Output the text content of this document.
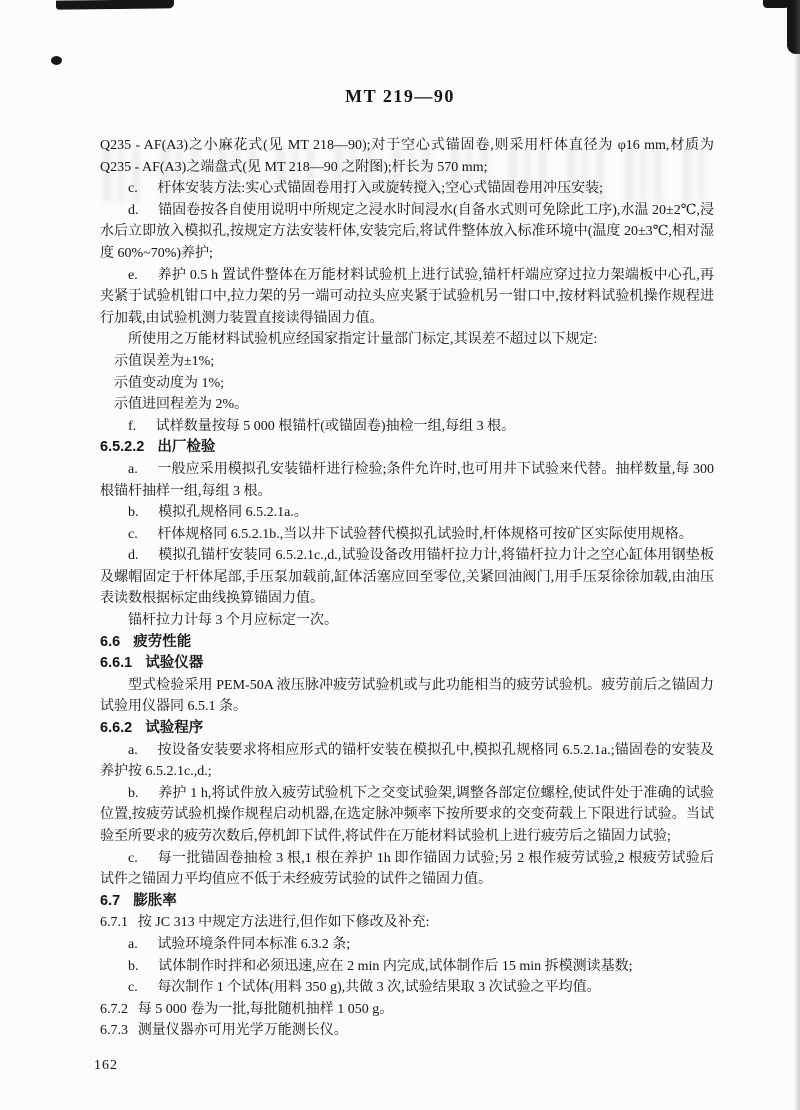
MT 219—90

Q235 - AF(A3)之小麻花式(见 MT 218—90);对于空心式锚固卷,则采用杆体直径为 φ16 mm,材质为 Q235 - AF(A3)之端盘式(见 MT 218—90 之附图);杆长为 570 mm;

c. 杆体安装方法:实心式锚固卷用打入或旋转搅入;空心式锚固卷用冲压安装;

d. 锚固卷按各自使用说明中所规定之浸水时间浸水(自备水式则可免除此工序),水温 20±2℃,浸水后立即放入模拟孔,按规定方法安装杆体,安装完后,将试件整体放入标准环境中(温度 20±3℃,相对湿度 60%~70%)养护;

e. 养护 0.5 h 置试件整体在万能材料试验机上进行试验,锚杆杆端应穿过拉力架端板中心孔,再夹紧于试验机钳口中,拉力架的另一端可动拉头应夹紧于试验机另一钳口中,按材料试验机操作规程进行加载,由试验机测力装置直接读得锚固力值。

所使用之万能材料试验机应经国家指定计量部门标定,其误差不超过以下规定:

示值误差为±1%;

示值变动度为 1%;

示值进回程差为 2%。

f. 试样数量按每 5 000 根锚杆(或锚固卷)抽检一组,每组 3 根。

6.5.2.2 出厂检验

a. 一般应采用模拟孔安装锚杆进行检验;条件允许时,也可用井下试验来代替。抽样数量,每 300 根锚杆抽样一组,每组 3 根。

b. 模拟孔规格同 6.5.2.1a.。

c. 杆体规格同 6.5.2.1b.,当以井下试验替代模拟孔试验时,杆体规格可按矿区实际使用规格。

d. 模拟孔锚杆安装同 6.5.2.1c.,d.,试验设备改用锚杆拉力计,将锚杆拉力计之空心缸体用钢垫板及螺帽固定于杆体尾部,手压泵加载前,缸体活塞应回至零位,关紧回油阀门,用手压泵徐徐加载,由油压表读数根据标定曲线换算锚固力值。

锚杆拉力计每 3 个月应标定一次。

6.6 疲劳性能

6.6.1 试验仪器

型式检验采用 PEM-50A 液压脉冲疲劳试验机或与此功能相当的疲劳试验机。疲劳前后之锚固力试验用仪器同 6.5.1 条。

6.6.2 试验程序

a. 按设备安装要求将相应形式的锚杆安装在模拟孔中,模拟孔规格同 6.5.2.1a.;锚固卷的安装及养护按 6.5.2.1c.,d.;

b. 养护 1 h,将试件放入疲劳试验机下之交变试验架,调整各部定位螺栓,使试件处于准确的试验位置,按疲劳试验机操作规程启动机器,在选定脉冲频率下按所要求的交变荷载上下限进行试验。当试验至所要求的疲劳次数后,停机卸下试件,将试件在万能材料试验机上进行疲劳后之锚固力试验;

c. 每一批锚固卷抽检 3 根,1 根在养护 1h 即作锚固力试验;另 2 根作疲劳试验,2 根疲劳试验后试件之锚固力平均值应不低于未经疲劳试验的试件之锚固力值。

6.7 膨胀率

6.7.1 按 JC 313 中规定方法进行,但作如下修改及补充:

a. 试验环境条件同本标准 6.3.2 条;

b. 试体制作时拌和必须迅速,应在 2 min 内完成,试体制作后 15 min 拆模测读基数;

c. 每次制作 1 个试体(用料 350 g),共做 3 次,试验结果取 3 次试验之平均值。

6.7.2 每 5 000 卷为一批,每批随机抽样 1 050 g。

6.7.3 测量仪器亦可用光学万能测长仪。

162
